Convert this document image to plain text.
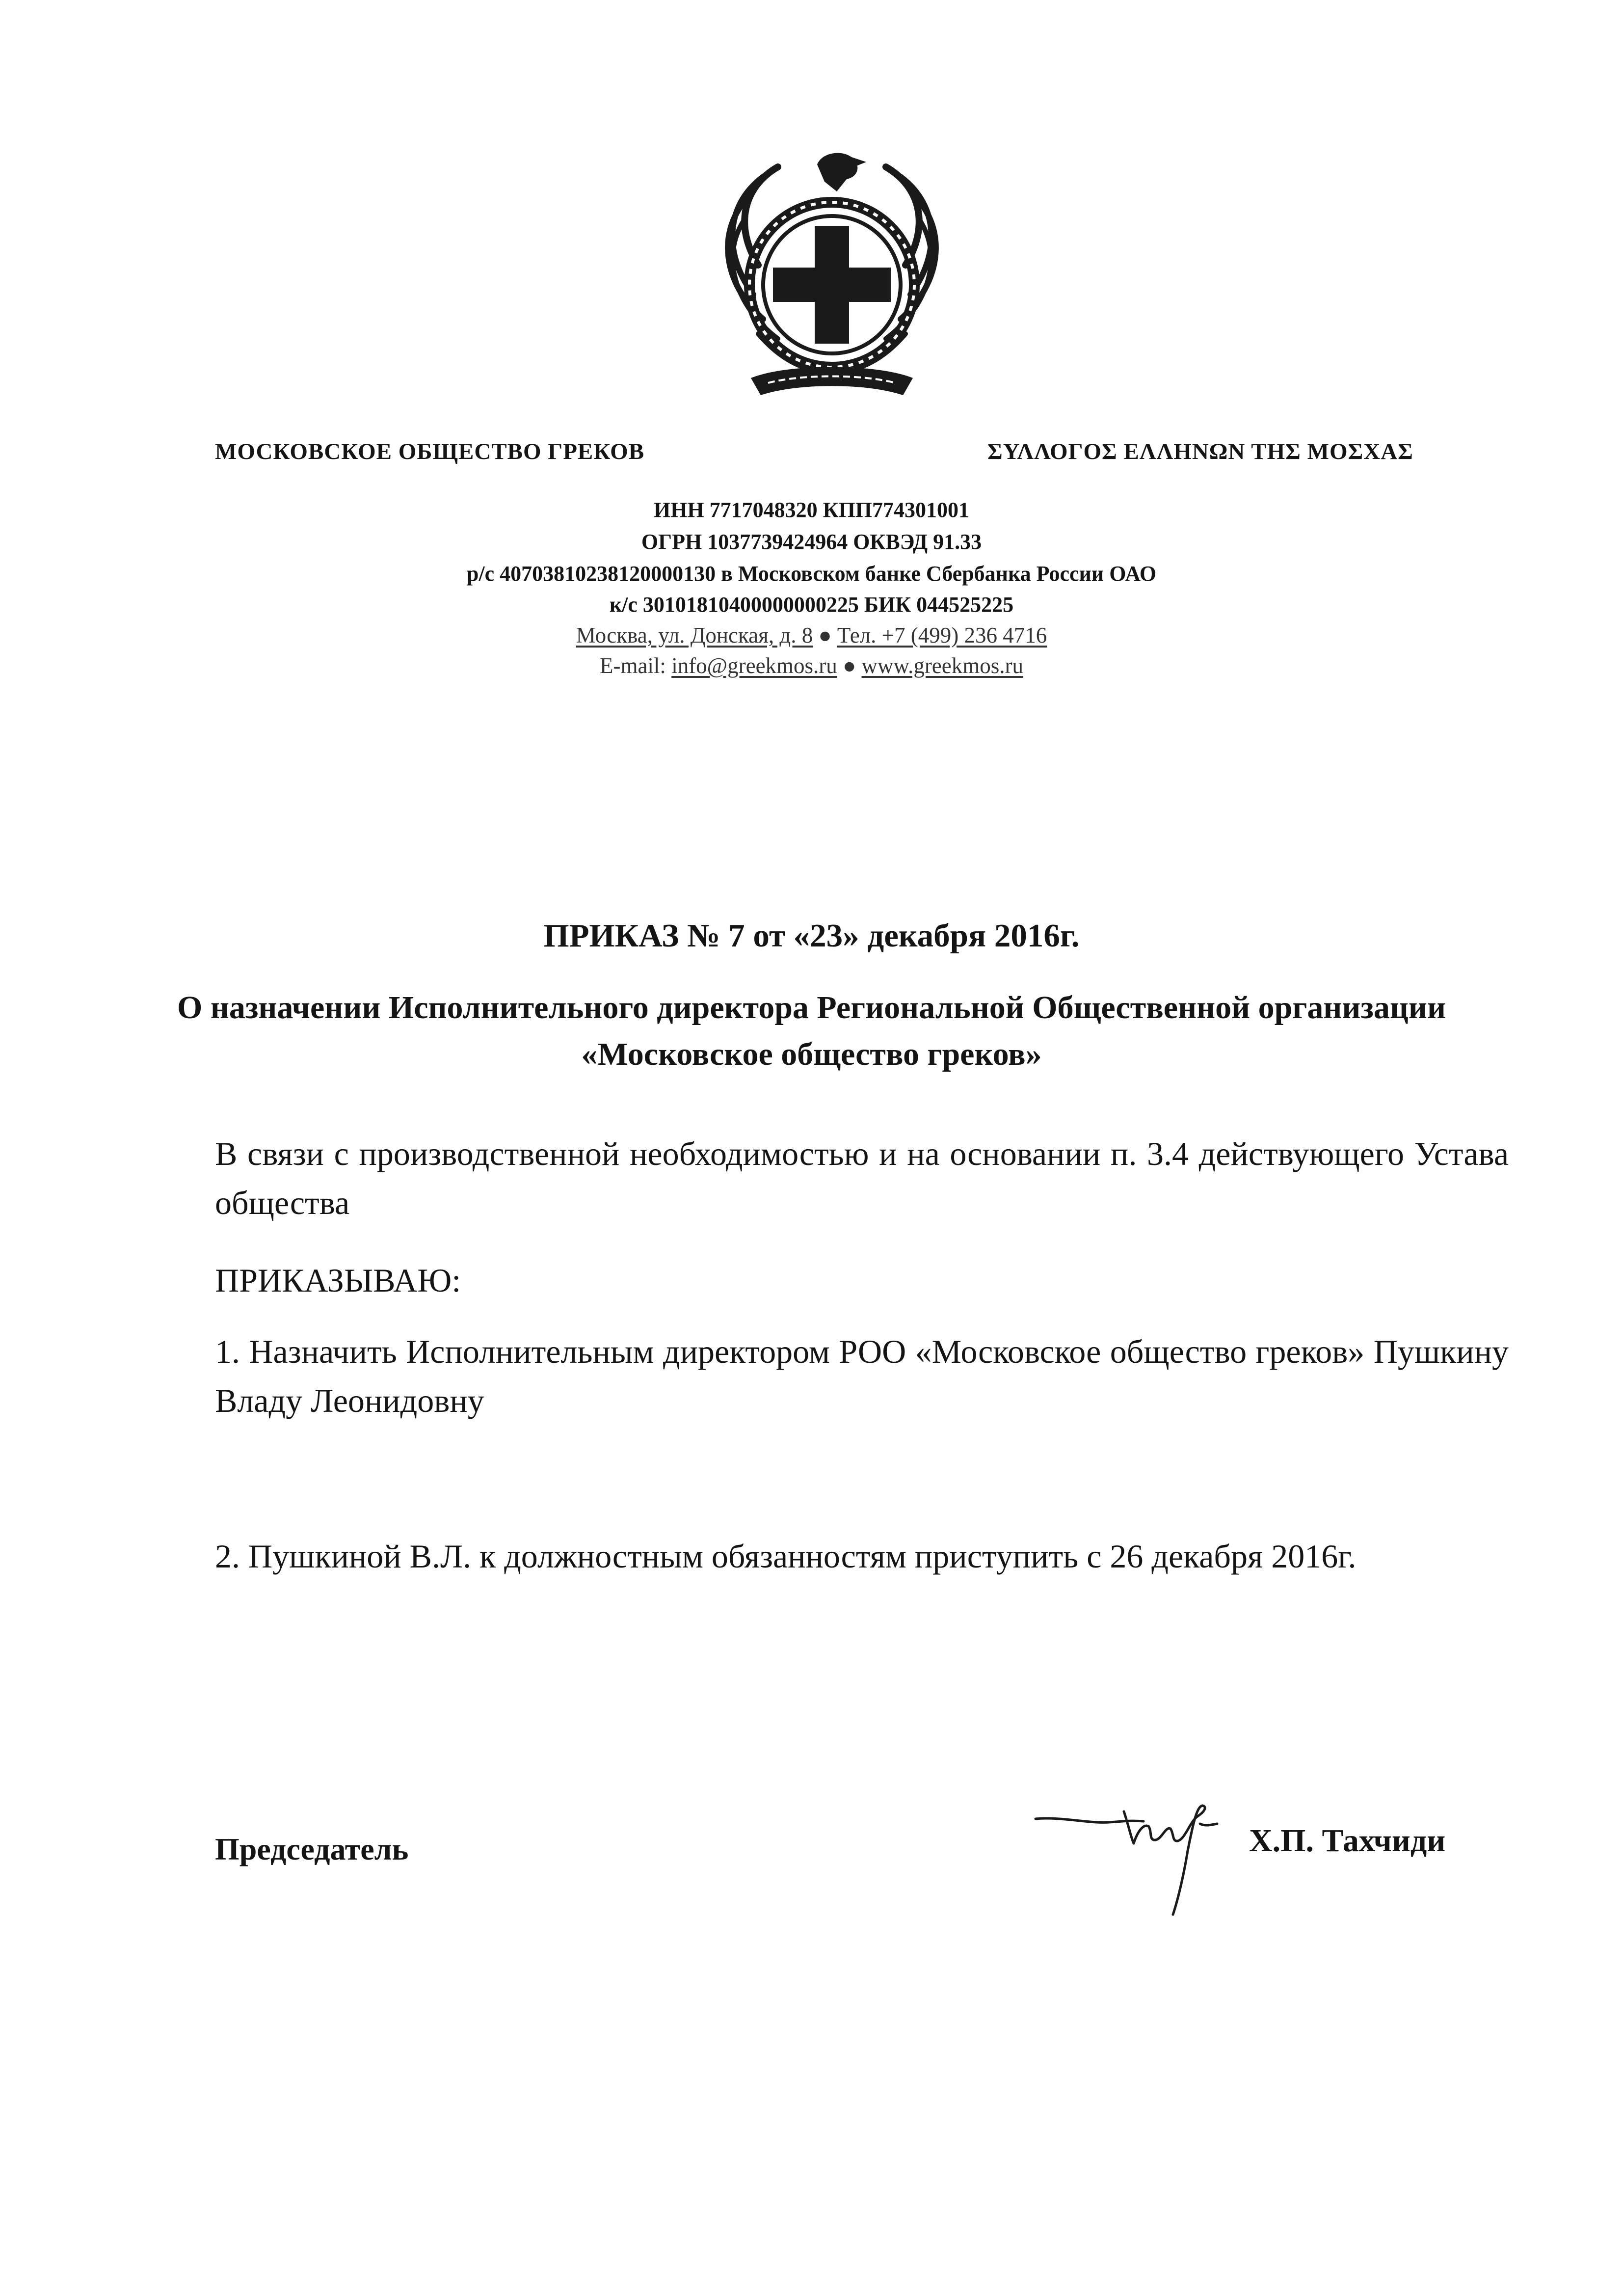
МОСКОВСКОЕ ОБЩЕСТВО ГРЕКОВ	ΣΥΛΛΟΓΟΣ ΕΛΛΗΝΩΝ ΤΗΣ ΜΟΣΧΑΣ
ИНН 7717048320 КПП774301001
ОГРН 1037739424964 ОКВЭД 91.33
р/с 40703810238120000130 в Московском банке Сбербанка России ОАО
к/с 30101810400000000225 БИК 044525225
Москва, ул. Донская, д. 8 ● Тел. +7 (499) 236 4716
E-mail: info@greekmos.ru ● www.greekmos.ru
ПРИКАЗ № 7 от «23» декабря 2016г.
О назначении Исполнительного директора Региональной Общественной организации «Московское общество греков»
В связи с производственной необходимостью и на основании п. 3.4 действующего Устава общества
ПРИКАЗЫВАЮ:
1. Назначить Исполнительным директором РОО «Московское общество греков» Пушкину Владу Леонидовну
2. Пушкиной В.Л. к должностным обязанностям приступить с 26 декабря 2016г.
Председатель	Х.П. Тахчиди
